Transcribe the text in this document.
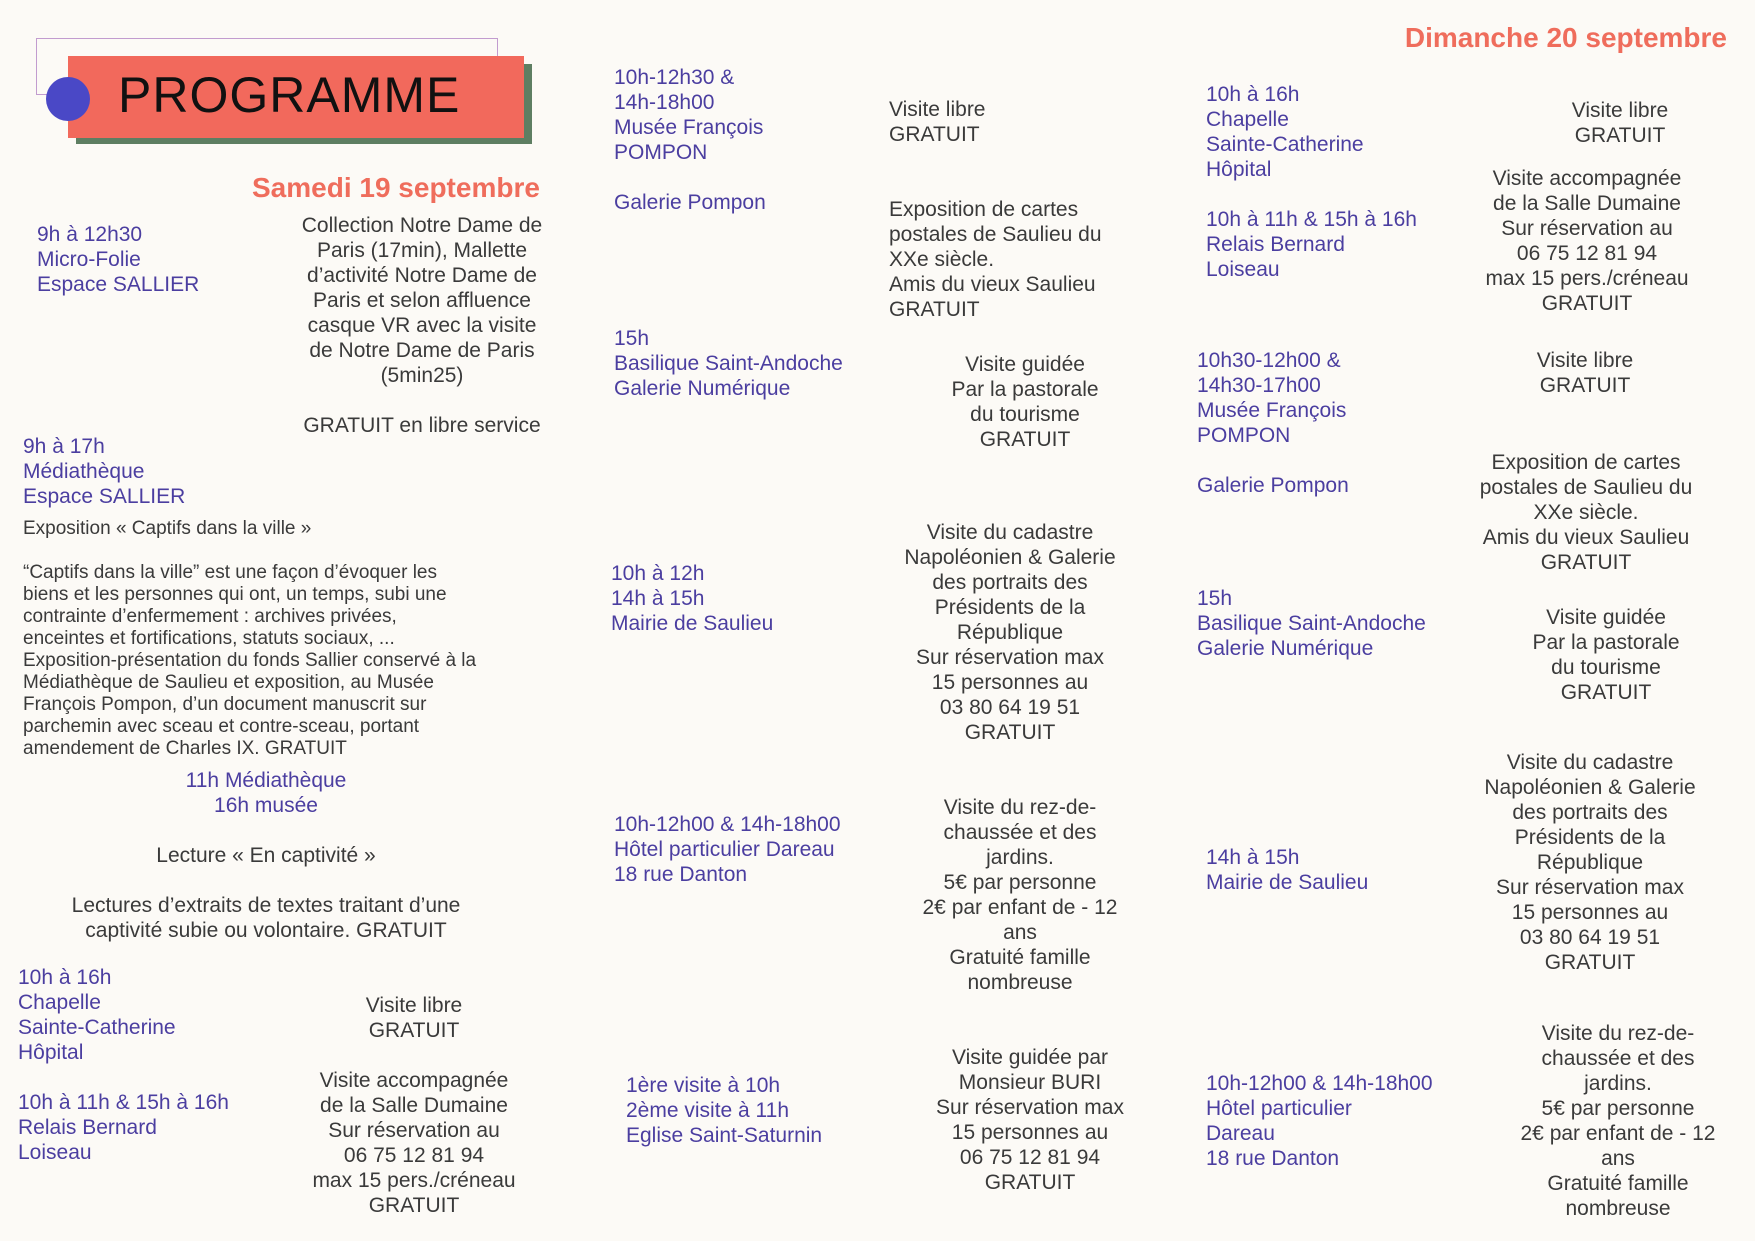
PROGRAMME
Samedi 19 septembre
Dimanche 20 septembre
9h à 12h30
Micro-Folie
Espace SALLIER
Collection Notre Dame de
Paris (17min), Mallette
d’activité Notre Dame de
Paris et selon affluence
casque VR avec la visite
de Notre Dame de Paris
(5min25)

GRATUIT en libre service
9h à 17h
Médiathèque
Espace SALLIER
Exposition « Captifs dans la ville »
“Captifs dans la ville” est une façon d’évoquer les
biens et les personnes qui ont, un temps, subi une
contrainte d’enfermement : archives privées,
enceintes et fortifications, statuts sociaux, ...
Exposition-présentation du fonds Sallier conservé à la
Médiathèque de Saulieu et exposition, au Musée
François Pompon, d’un document manuscrit sur
parchemin avec sceau et contre-sceau, portant
amendement de Charles IX. GRATUIT
11h Médiathèque
16h musée
Lecture « En captivité »

Lectures d’extraits de textes traitant d’une
captivité subie ou volontaire. GRATUIT
10h à 16h
Chapelle
Sainte-Catherine
Hôpital

10h à 11h & 15h à 16h
Relais Bernard
Loiseau
Visite libre
GRATUIT

Visite accompagnée
de la Salle Dumaine
Sur réservation au
06 75 12 81 94
max 15 pers./créneau
GRATUIT
10h-12h30 &
14h-18h00
Musée François
POMPON

Galerie Pompon
Visite libre
GRATUIT
Exposition de cartes
postales de Saulieu du
XXe siècle.
Amis du vieux Saulieu
GRATUIT
15h
Basilique Saint-Andoche
Galerie Numérique
Visite guidée
Par la pastorale
du tourisme
GRATUIT
10h à 12h
14h à 15h
Mairie de Saulieu
Visite du cadastre
Napoléonien & Galerie
des portraits des
Présidents de la
République
Sur réservation max
15 personnes au
03 80 64 19 51
GRATUIT
10h-12h00 & 14h-18h00
Hôtel particulier Dareau
18 rue Danton
Visite du rez-de-
chaussée et des
jardins.
5€ par personne
2€ par enfant de - 12
ans
Gratuité famille
nombreuse
1ère visite à 10h
2ème visite à 11h
Eglise Saint-Saturnin
Visite guidée par
Monsieur BURI
Sur réservation max
15 personnes au
06 75 12 81 94
GRATUIT
10h à 16h
Chapelle
Sainte-Catherine
Hôpital

10h à 11h & 15h à 16h
Relais Bernard
Loiseau
Visite libre
GRATUIT
Visite accompagnée
de la Salle Dumaine
Sur réservation au
06 75 12 81 94
max 15 pers./créneau
GRATUIT
10h30-12h00 &
14h30-17h00
Musée François
POMPON

Galerie Pompon
Visite libre
GRATUIT
Exposition de cartes
postales de Saulieu du
XXe siècle.
Amis du vieux Saulieu
GRATUIT
15h
Basilique Saint-Andoche
Galerie Numérique
Visite guidée
Par la pastorale
du tourisme
GRATUIT
14h à 15h
Mairie de Saulieu
Visite du cadastre
Napoléonien & Galerie
des portraits des
Présidents de la
République
Sur réservation max
15 personnes au
03 80 64 19 51
GRATUIT
10h-12h00 & 14h-18h00
Hôtel particulier
Dareau
18 rue Danton
Visite du rez-de-
chaussée et des
jardins.
5€ par personne
2€ par enfant de - 12
ans
Gratuité famille
nombreuse
